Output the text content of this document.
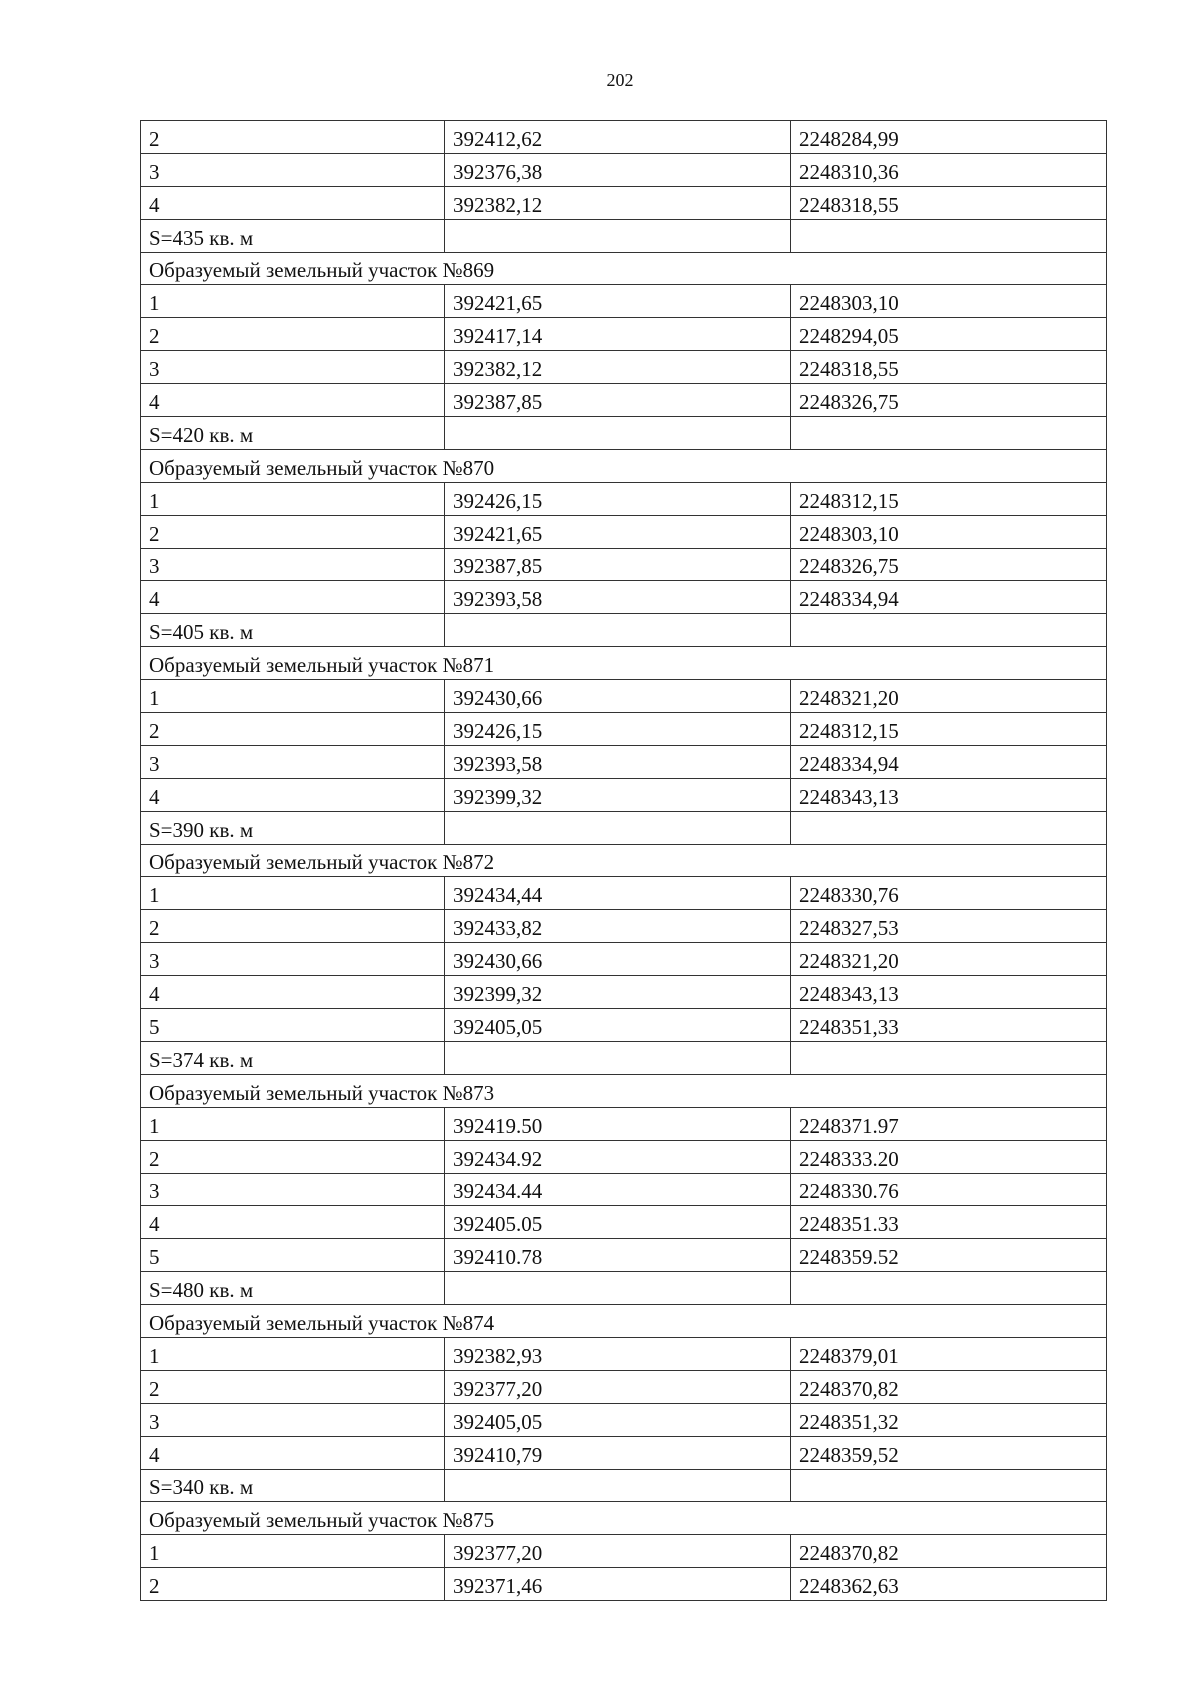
202
2	392412,62	2248284,99
3	392376,38	2248310,36
4	392382,12	2248318,55
S=435 кв. м		
Образуемый земельный участок №869		
1	392421,65	2248303,10
2	392417,14	2248294,05
3	392382,12	2248318,55
4	392387,85	2248326,75
S=420 кв. м		
Образуемый земельный участок №870		
1	392426,15	2248312,15
2	392421,65	2248303,10
3	392387,85	2248326,75
4	392393,58	2248334,94
S=405 кв. м		
Образуемый земельный участок №871		
1	392430,66	2248321,20
2	392426,15	2248312,15
3	392393,58	2248334,94
4	392399,32	2248343,13
S=390 кв. м		
Образуемый земельный участок №872		
1	392434,44	2248330,76
2	392433,82	2248327,53
3	392430,66	2248321,20
4	392399,32	2248343,13
5	392405,05	2248351,33
S=374 кв. м		
Образуемый земельный участок №873		
1	392419.50	2248371.97
2	392434.92	2248333.20
3	392434.44	2248330.76
4	392405.05	2248351.33
5	392410.78	2248359.52
S=480 кв. м		
Образуемый земельный участок №874		
1	392382,93	2248379,01
2	392377,20	2248370,82
3	392405,05	2248351,32
4	392410,79	2248359,52
S=340 кв. м		
Образуемый земельный участок №875		
1	392377,20	2248370,82
2	392371,46	2248362,63
